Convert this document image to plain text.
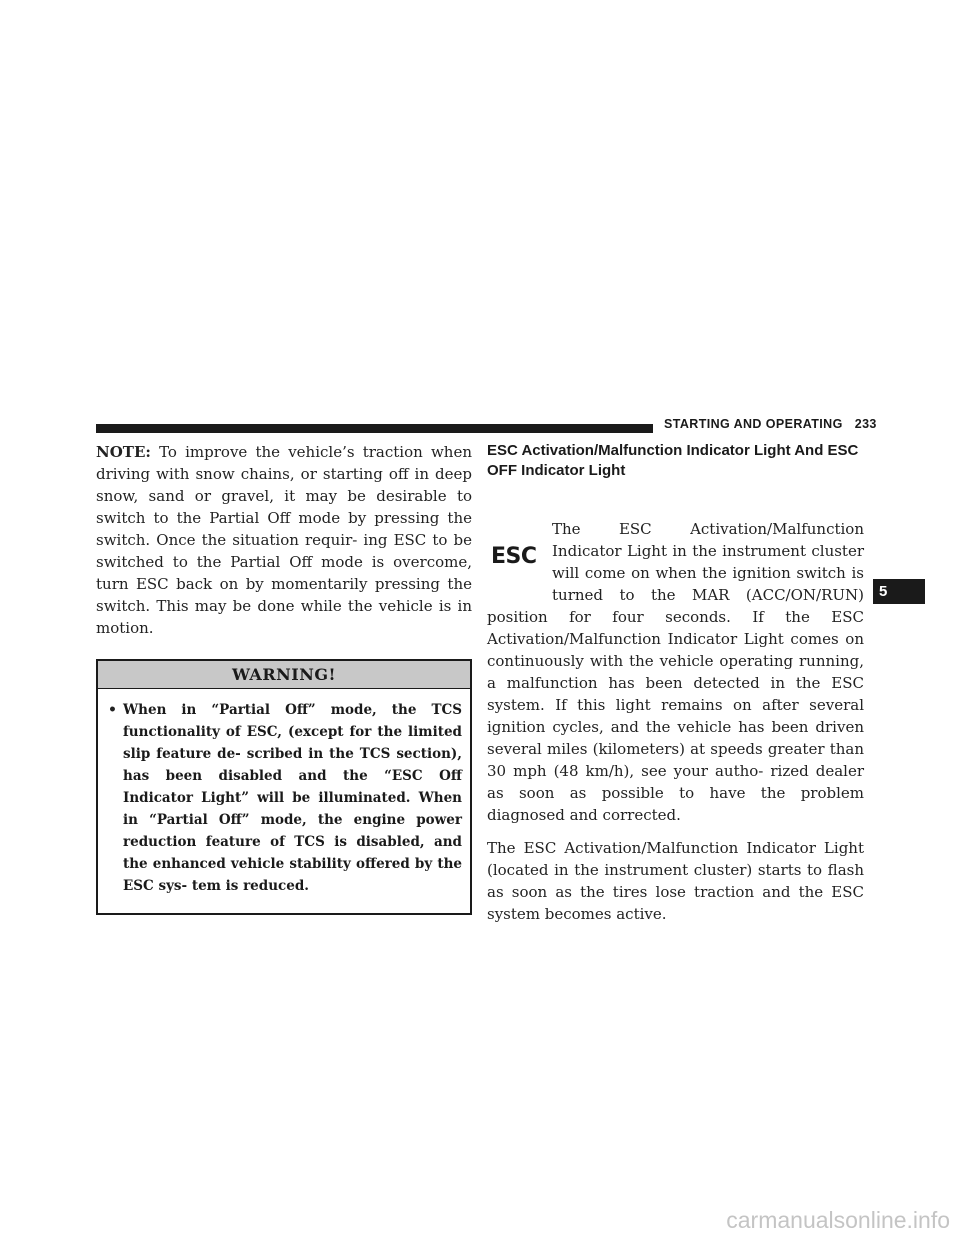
STARTING AND OPERATING 233

NOTE: To improve the vehicle’s traction when driving with snow chains, or starting off in deep snow, sand or gravel, it may be desirable to switch to the Partial Off mode by pressing the switch. Once the situation requir- ing ESC to be switched to the Partial Off mode is overcome, turn ESC back on by momentarily pressing the switch. This may be done while the vehicle is in motion.

WARNING!
• When in “Partial Off” mode, the TCS functionality of ESC, (except for the limited slip feature de- scribed in the TCS section), has been disabled and the “ESC Off Indicator Light” will be illuminated. When in “Partial Off” mode, the engine power reduction feature of TCS is disabled, and the enhanced vehicle stability offered by the ESC sys- tem is reduced.

ESC Activation/Malfunction Indicator Light And ESC OFF Indicator Light
ESC

The ESC Activation/Malfunction Indicator Light in the instrument cluster will come on when the ignition switch is turned to the MAR (ACC/ON/RUN) position for four seconds. If the ESC Activation/Malfunction Indicator Light comes on continuously with the vehicle operating running, a malfunction has been detected in the ESC system. If this light remains on after several ignition cycles, and the vehicle has been driven several miles (kilometers) at speeds greater than 30 mph (48 km/h), see your autho- rized dealer as soon as possible to have the problem diagnosed and corrected.

The ESC Activation/Malfunction Indicator Light (located in the instrument cluster) starts to flash as soon as the tires lose traction and the ESC system becomes active.

5
carmanualsonline.info
